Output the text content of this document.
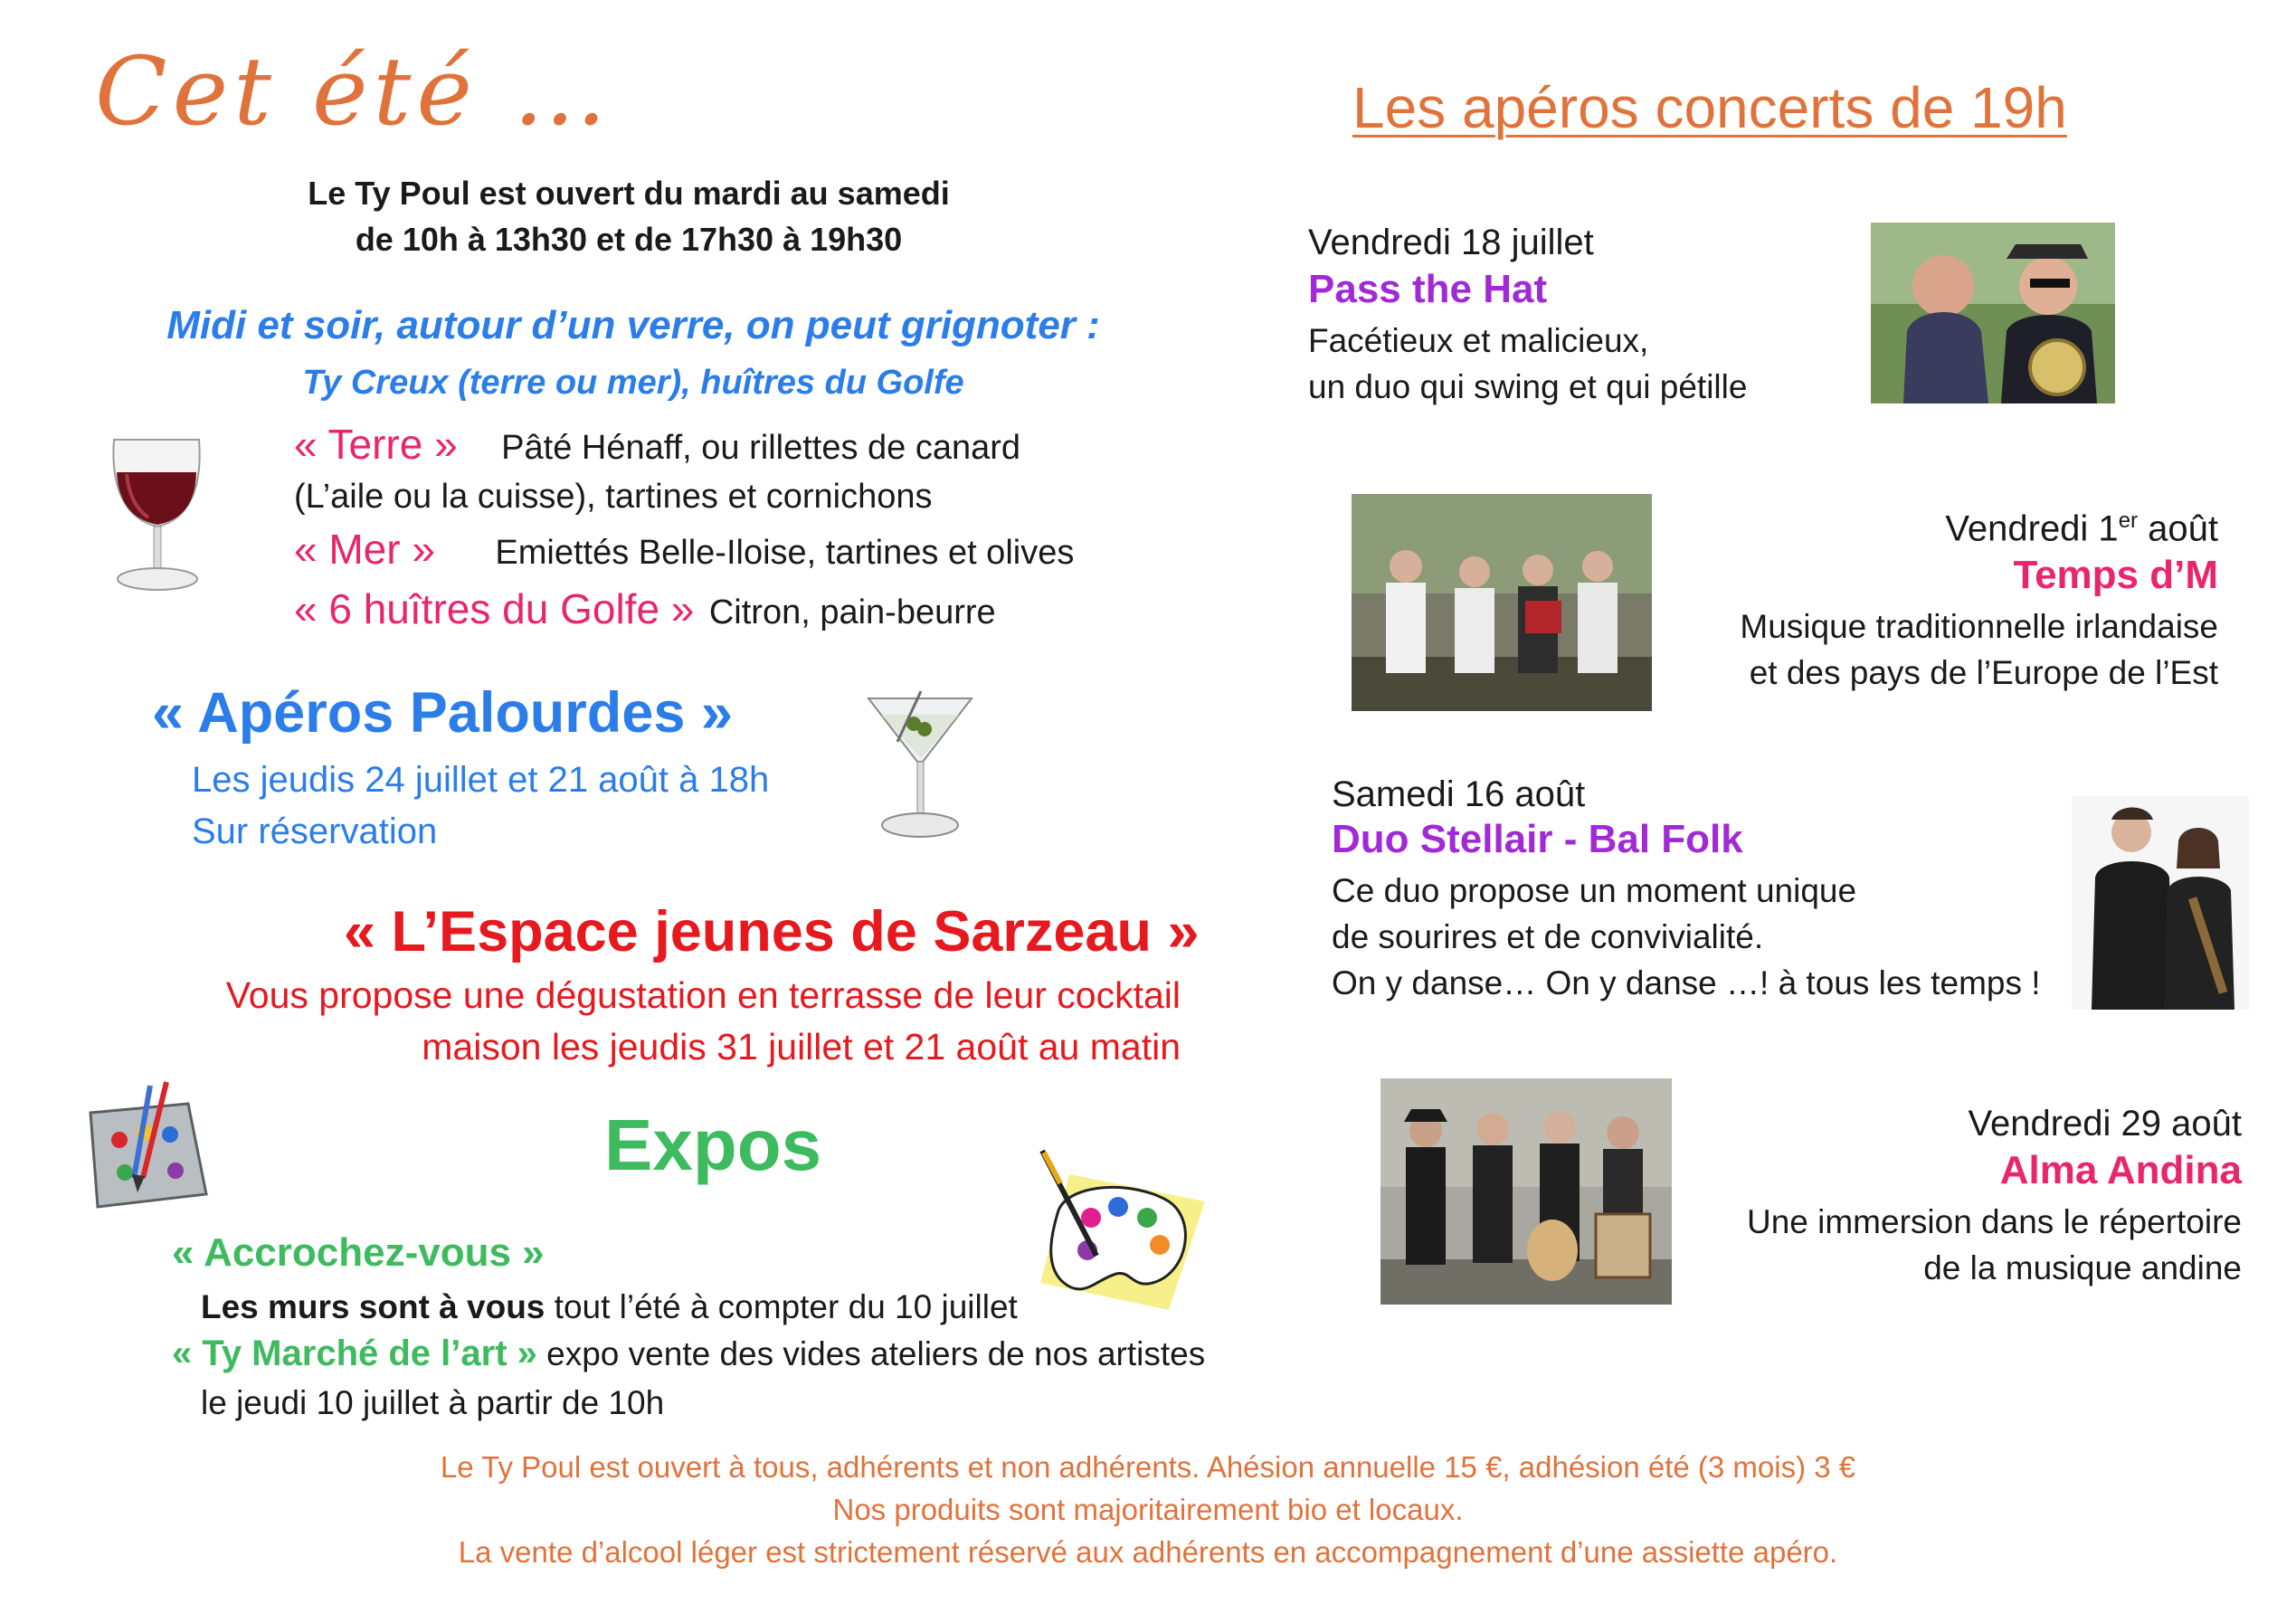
Cet été …
Le Ty Poul est ouvert du mardi au samedi
de 10h à 13h30 et de 17h30 à 19h30
Midi et soir, autour d’un verre, on peut grignoter :
Ty Creux (terre ou mer), huîtres du Golfe
« Terre » Pâté Hénaff, ou rillettes de canard
(L’aile ou la cuisse), tartines et cornichons
« Mer » Emiettés Belle-Iloise, tartines et olives
« 6 huîtres du Golfe » Citron, pain-beurre
« Apéros Palourdes »
Les jeudis 24 juillet et 21 août à 18h
Sur réservation
« L’Espace jeunes de Sarzeau »
Vous propose une dégustation en terrasse de leur cocktail
maison les jeudis 31 juillet et 21 août au matin
Expos
« Accrochez-vous »
Les murs sont à vous tout l’été à compter du 10 juillet
« Ty Marché de l’art » expo vente des vides ateliers de nos artistes
le jeudi 10 juillet à partir de 10h
Le Ty Poul est ouvert à tous, adhérents et non adhérents. Ahésion annuelle 15 €, adhésion été (3 mois) 3 €
Nos produits sont majoritairement bio et locaux.
La vente d’alcool léger est strictement réservé aux adhérents en accompagnement d’une assiette apéro.
Les apéros concerts de 19h
Vendredi 18 juillet
Pass the Hat
Facétieux et malicieux,
un duo qui swing et qui pétille
Vendredi 1er août
Temps d’M
Musique traditionnelle irlandaise
et des pays de l’Europe de l’Est
Samedi 16 août
Duo Stellair - Bal Folk
Ce duo propose un moment unique
de sourires et de convivialité.
On y danse… On y danse …! à tous les temps !
Vendredi 29 août
Alma Andina
Une immersion dans le répertoire
de la musique andine
